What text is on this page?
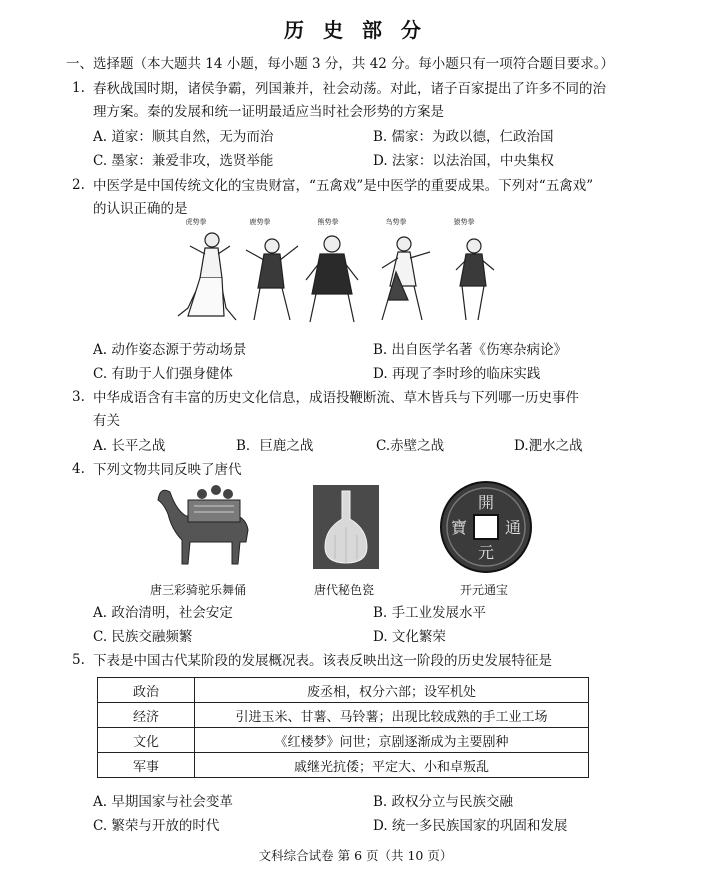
历 史 部 分
一、选择题（本大题共 14 小题，每小题 3 分，共 42 分。每小题只有一项符合题目要求。）
1. 春秋战国时期，诸侯争霸，列国兼并，社会动荡。对此，诸子百家提出了许多不同的治
理方案。秦的发展和统一证明最适应当时社会形势的方案是
A. 道家：顺其自然，无为而治	B. 儒家：为政以德，仁政治国
C. 墨家：兼爱非攻，选贤举能	D. 法家：以法治国，中央集权
2. 中医学是中国传统文化的宝贵财富，“五禽戏”是中医学的重要成果。下列对“五禽戏”
的认识正确的是
虎势拳	鹿势拳	熊势拳	鸟势拳	猿势拳
A. 动作姿态源于劳动场景	B. 出自医学名著《伤寒杂病论》
C. 有助于人们强身健体	D. 再现了李时珍的临床实践
3. 中华成语含有丰富的历史文化信息，成语投鞭断流、草木皆兵与下列哪一历史事件
有关
A. 长平之战	B．巨鹿之战	C.赤壁之战	D.淝水之战
4. 下列文物共同反映了唐代
唐三彩骑驼乐舞俑	唐代秘色瓷
開
元
通
寶
开元通宝
A. 政治清明，社会安定	B. 手工业发展水平
C. 民族交融频繁	D. 文化繁荣
5. 下表是中国古代某阶段的发展概况表。该表反映出这一阶段的历史发展特征是
政治	废丞相，权分六部；设军机处
经济	引进玉米、甘薯、马铃薯；出现比较成熟的手工业工场
文化	《红楼梦》问世；京剧逐渐成为主要剧种
军事	戚继光抗倭；平定大、小和卓叛乱
A. 早期国家与社会变革	B. 政权分立与民族交融
C. 繁荣与开放的时代	D. 统一多民族国家的巩固和发展
文科综合试卷 第 6 页（共 10 页）
